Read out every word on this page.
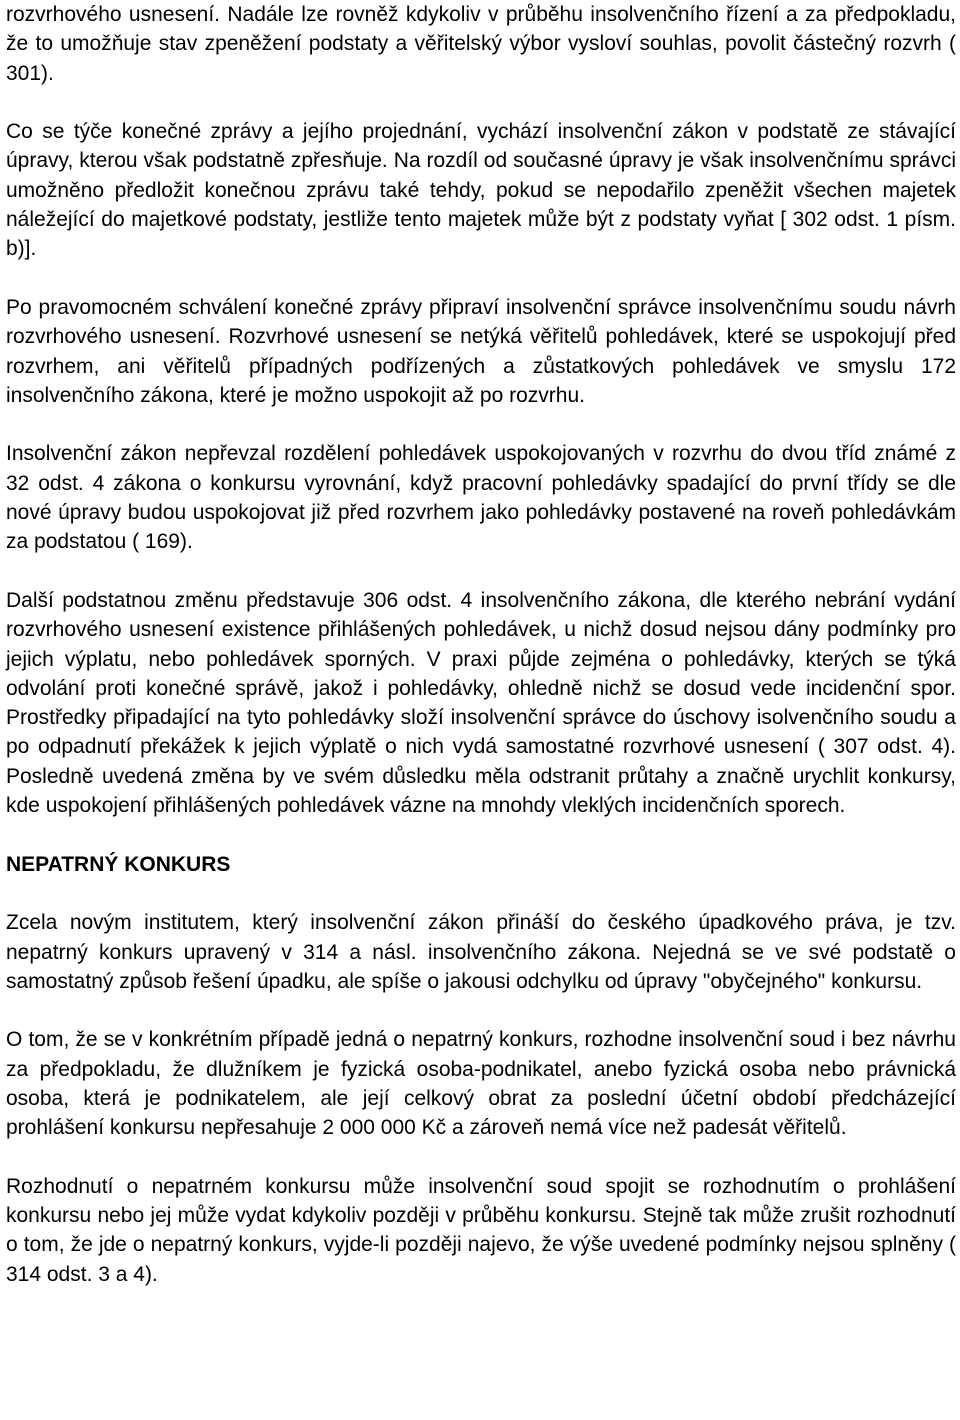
rozvrhového usnesení. Nadále lze rovněž kdykoliv v průběhu insolvenčního řízení a za předpokladu, že to umožňuje stav zpeněžení podstaty a věřitelský výbor vysloví souhlas, povolit částečný rozvrh ( 301).

Co se týče konečné zprávy a jejího projednání, vychází insolvenční zákon v podstatě ze stávající úpravy, kterou však podstatně zpřesňuje. Na rozdíl od současné úpravy je však insolvenčnímu správci umožněno předložit konečnou zprávu také tehdy, pokud se nepodařilo zpeněžit všechen majetek náležející do majetkové podstaty, jestliže tento majetek může být z podstaty vyňat [ 302 odst. 1 písm. b)].

Po pravomocném schválení konečné zprávy připraví insolvenční správce insolvenčnímu soudu návrh rozvrhového usnesení. Rozvrhové usnesení se netýká věřitelů pohledávek, které se uspokojují před rozvrhem, ani věřitelů případných podřízených a zůstatkových pohledávek ve smyslu 172 insolvenčního zákona, které je možno uspokojit až po rozvrhu.

Insolvenční zákon nepřevzal rozdělení pohledávek uspokojovaných v rozvrhu do dvou tříd známé z 32 odst. 4 zákona o konkursu vyrovnání, když pracovní pohledávky spadající do první třídy se dle nové úpravy budou uspokojovat již před rozvrhem jako pohledávky postavené na roveň pohledávkám za podstatou ( 169).

Další podstatnou změnu představuje 306 odst. 4 insolvenčního zákona, dle kterého nebrání vydání rozvrhového usnesení existence přihlášených pohledávek, u nichž dosud nejsou dány podmínky pro jejich výplatu, nebo pohledávek sporných. V praxi půjde zejména o pohledávky, kterých se týká odvolání proti konečné správě, jakož i pohledávky, ohledně nichž se dosud vede incidenční spor. Prostředky připadající na tyto pohledávky složí insolvenční správce do úschovy isolvenčního soudu a po odpadnutí překážek k jejich výplatě o nich vydá samostatné rozvrhové usnesení ( 307 odst. 4). Posledně uvedená změna by ve svém důsledku měla odstranit průtahy a značně urychlit konkursy, kde uspokojení přihlášených pohledávek vázne na mnohdy vleklých incidenčních sporech.

NEPATRNÝ KONKURS

Zcela novým institutem, který insolvenční zákon přináší do českého úpadkového práva, je tzv. nepatrný konkurs upravený v 314 a násl. insolvenčního zákona. Nejedná se ve své podstatě o samostatný způsob řešení úpadku, ale spíše o jakousi odchylku od úpravy "obyčejného" konkursu.

O tom, že se v konkrétním případě jedná o nepatrný konkurs, rozhodne insolvenční soud i bez návrhu za předpokladu, že dlužníkem je fyzická osoba-podnikatel, anebo fyzická osoba nebo právnická osoba, která je podnikatelem, ale její celkový obrat za poslední účetní období předcházející prohlášení konkursu nepřesahuje 2 000 000 Kč a zároveň nemá více než padesát věřitelů.

Rozhodnutí o nepatrném konkursu může insolvenční soud spojit se rozhodnutím o prohlášení konkursu nebo jej může vydat kdykoliv později v průběhu konkursu. Stejně tak může zrušit rozhodnutí o tom, že jde o nepatrný konkurs, vyjde-li později najevo, že výše uvedené podmínky nejsou splněny ( 314 odst. 3 a 4).
